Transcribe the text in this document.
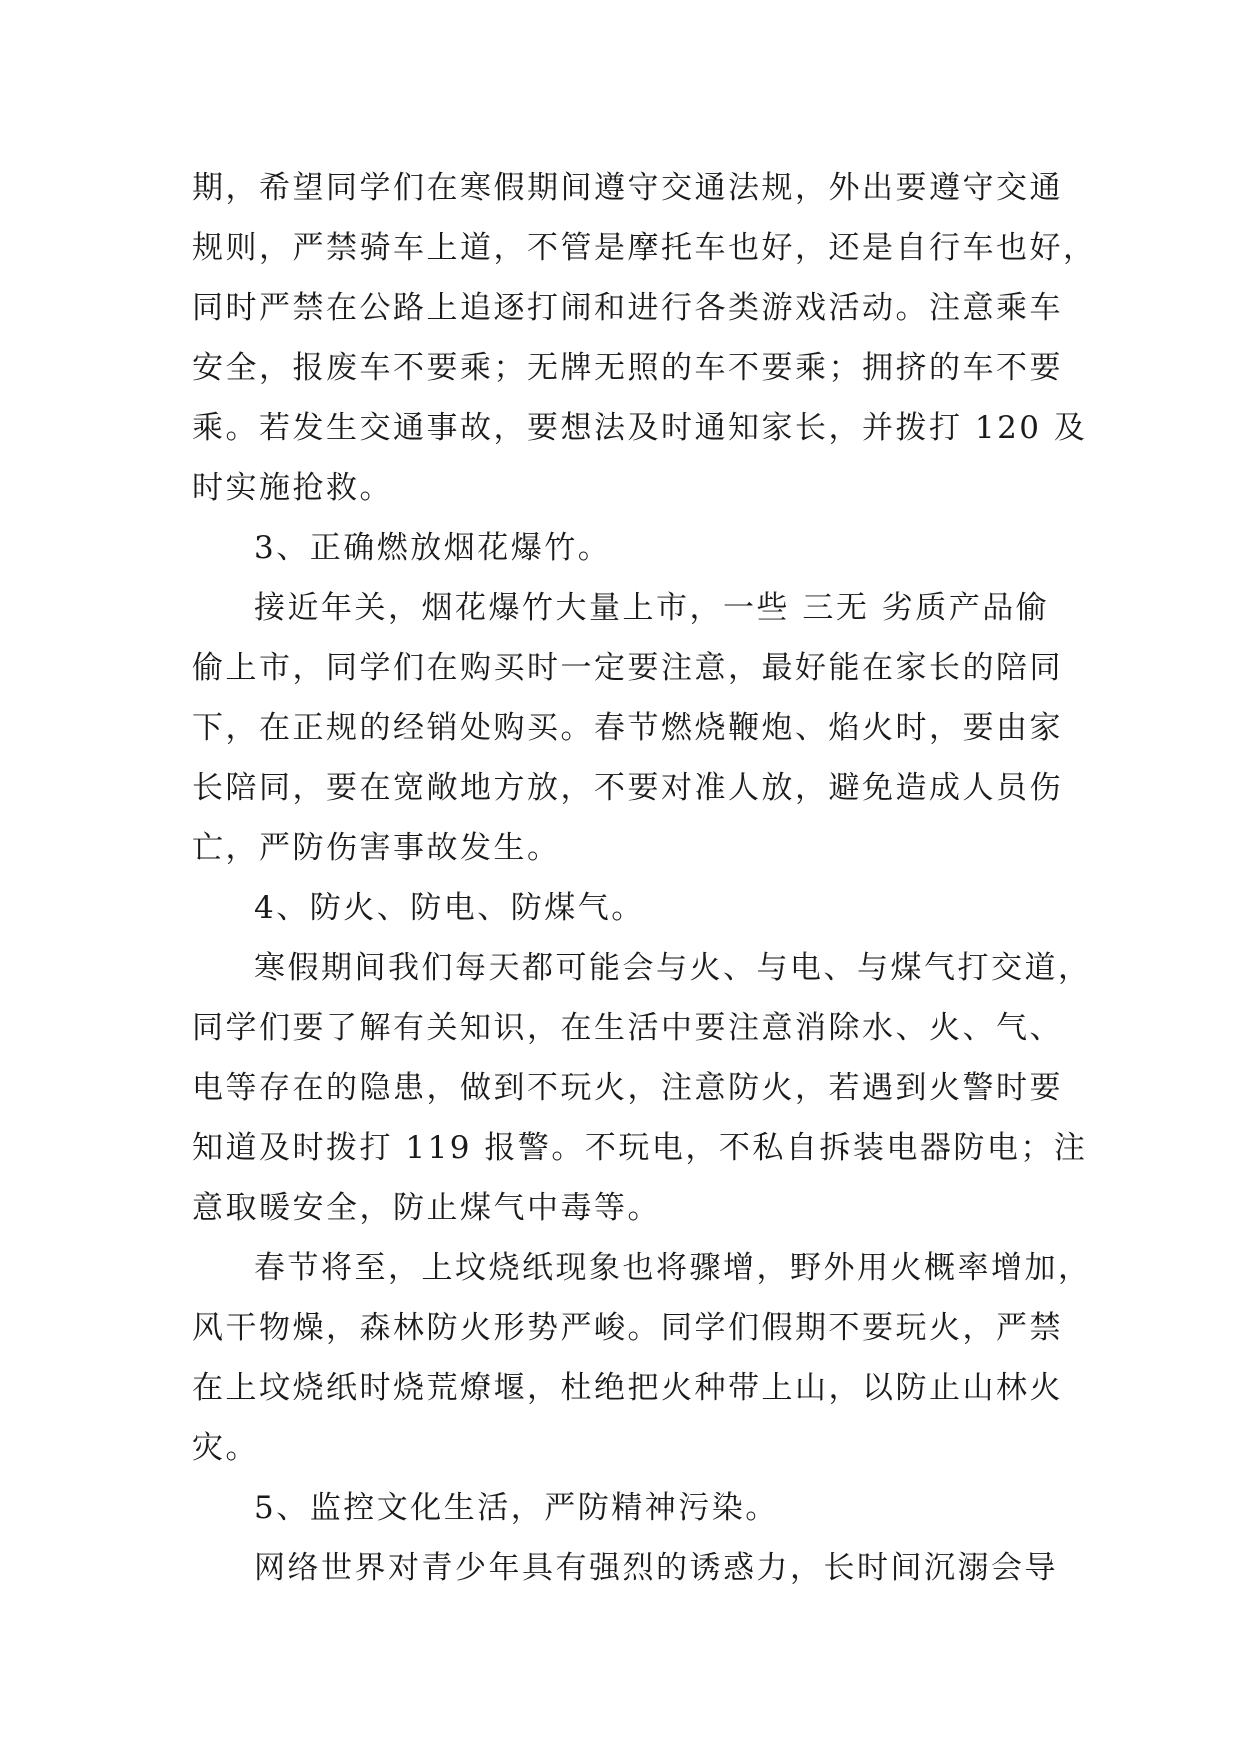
期，希望同学们在寒假期间遵守交通法规，外出要遵守交通
规则，严禁骑车上道，不管是摩托车也好，还是自行车也好，
同时严禁在公路上追逐打闹和进行各类游戏活动。注意乘车
安全，报废车不要乘；无牌无照的车不要乘；拥挤的车不要
乘。若发生交通事故，要想法及时通知家长，并拨打 120 及
时实施抢救。
3、正确燃放烟花爆竹。
接近年关，烟花爆竹大量上市，一些 三无 劣质产品偷
偷上市，同学们在购买时一定要注意，最好能在家长的陪同
下，在正规的经销处购买。春节燃烧鞭炮、焰火时，要由家
长陪同，要在宽敞地方放，不要对准人放，避免造成人员伤
亡，严防伤害事故发生。
4、防火、防电、防煤气。
寒假期间我们每天都可能会与火、与电、与煤气打交道，
同学们要了解有关知识，在生活中要注意消除水、火、气、
电等存在的隐患，做到不玩火，注意防火，若遇到火警时要
知道及时拨打 119 报警。不玩电，不私自拆装电器防电；注
意取暖安全，防止煤气中毒等。
春节将至，上坟烧纸现象也将骤增，野外用火概率增加，
风干物燥，森林防火形势严峻。同学们假期不要玩火，严禁
在上坟烧纸时烧荒燎堰，杜绝把火种带上山，以防止山林火
灾。
5、监控文化生活，严防精神污染。
网络世界对青少年具有强烈的诱惑力，长时间沉溺会导
